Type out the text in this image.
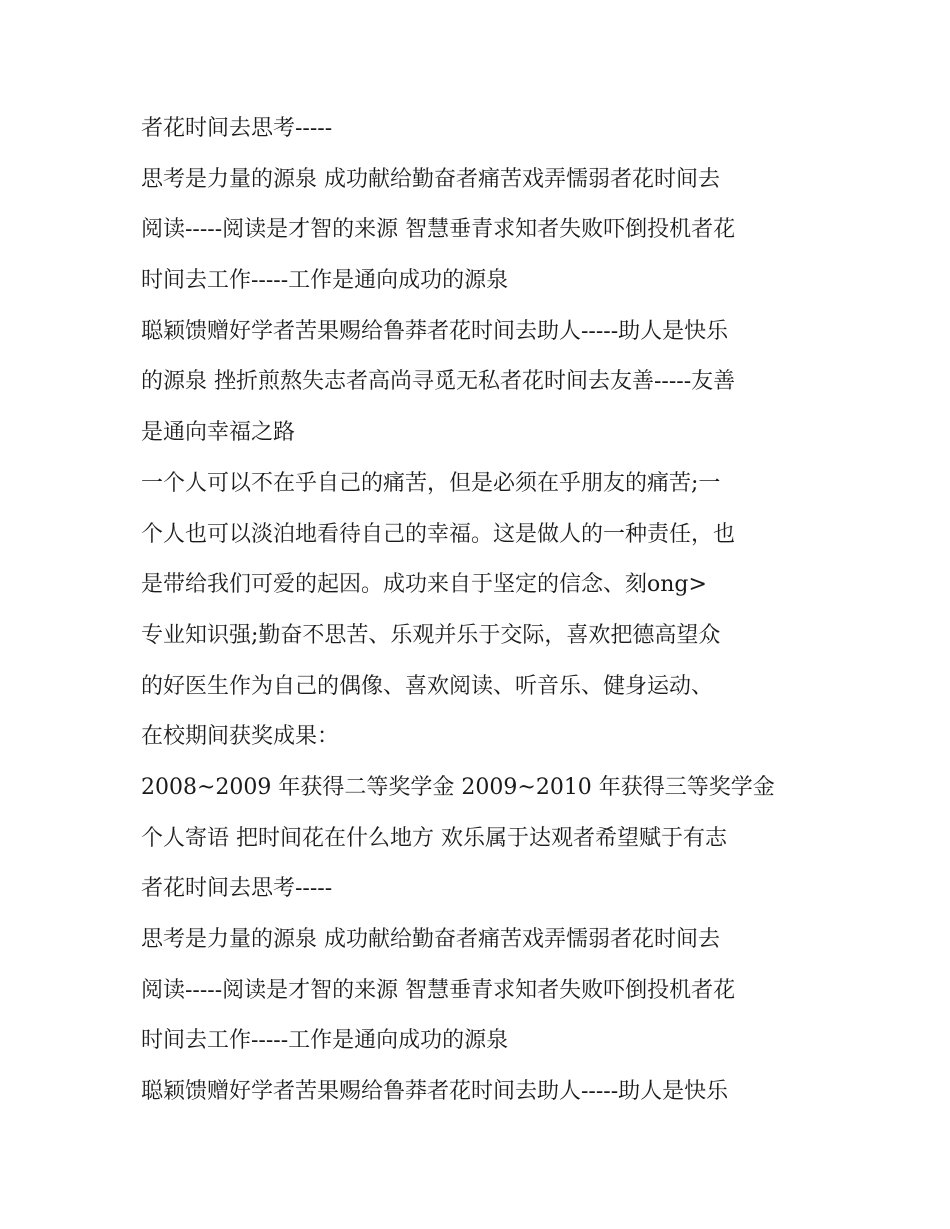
者花时间去思考-----
思考是力量的源泉 成功献给勤奋者痛苦戏弄懦弱者花时间去
阅读-----阅读是才智的来源 智慧垂青求知者失败吓倒投机者花
时间去工作-----工作是通向成功的源泉
聪颖馈赠好学者苦果赐给鲁莽者花时间去助人-----助人是快乐
的源泉 挫折煎熬失志者高尚寻觅无私者花时间去友善-----友善
是通向幸福之路
一个人可以不在乎自己的痛苦，但是必须在乎朋友的痛苦;一
个人也可以淡泊地看待自己的幸福。这是做人的一种责任，也
是带给我们可爱的起因。成功来自于坚定的信念、刻ong>
专业知识强;勤奋不思苦、乐观并乐于交际，喜欢把德高望众
的好医生作为自己的偶像、喜欢阅读、听音乐、健身运动、
在校期间获奖成果：
2008~2009 年获得二等奖学金 2009~2010 年获得三等奖学金
个人寄语 把时间花在什么地方 欢乐属于达观者希望赋于有志
者花时间去思考-----
思考是力量的源泉 成功献给勤奋者痛苦戏弄懦弱者花时间去
阅读-----阅读是才智的来源 智慧垂青求知者失败吓倒投机者花
时间去工作-----工作是通向成功的源泉
聪颖馈赠好学者苦果赐给鲁莽者花时间去助人-----助人是快乐
